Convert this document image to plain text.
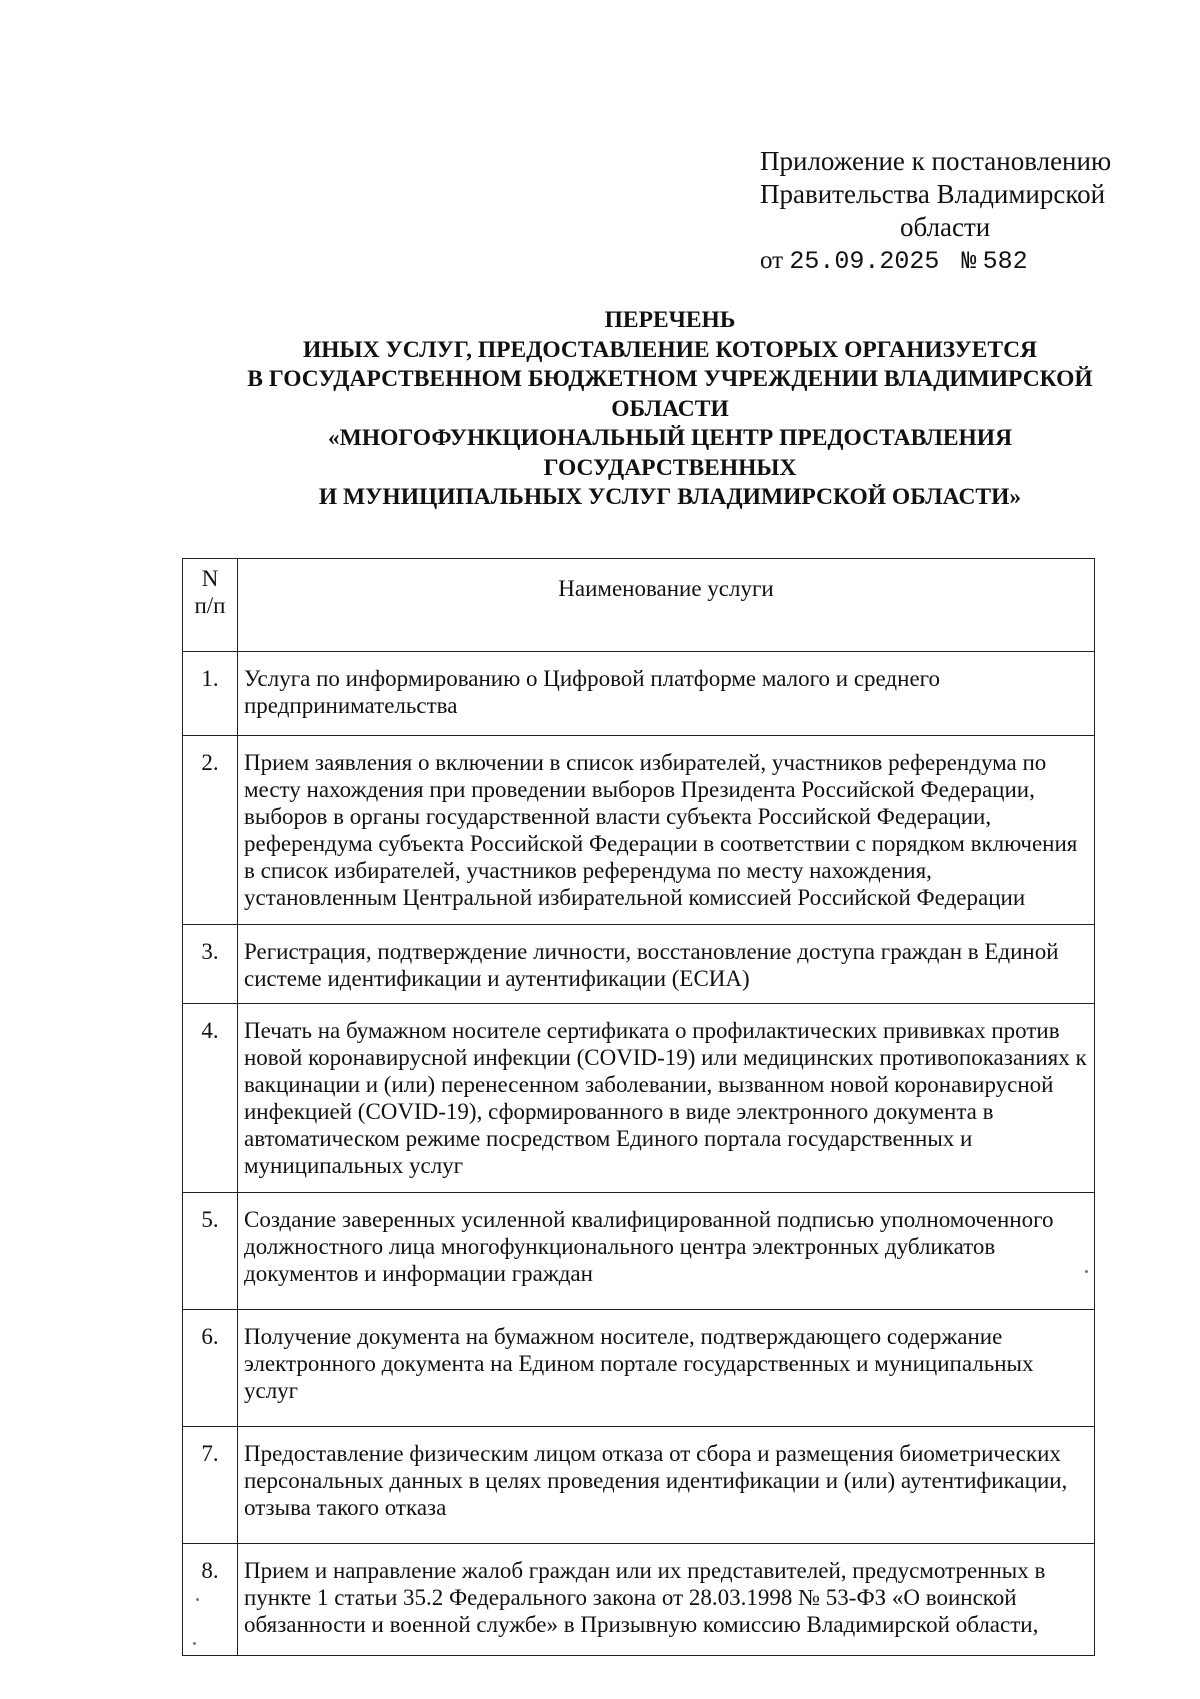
Приложение к постановлению
Правительства Владимирской
области
от 25.09.2025 № 582
ПЕРЕЧЕНЬ
ИНЫХ УСЛУГ, ПРЕДОСТАВЛЕНИЕ КОТОРЫХ ОРГАНИЗУЕТСЯ
В ГОСУДАРСТВЕННОМ БЮДЖЕТНОМ УЧРЕЖДЕНИИ ВЛАДИМИРСКОЙ
ОБЛАСТИ
«МНОГОФУНКЦИОНАЛЬНЫЙ ЦЕНТР ПРЕДОСТАВЛЕНИЯ
ГОСУДАРСТВЕННЫХ
И МУНИЦИПАЛЬНЫХ УСЛУГ ВЛАДИМИРСКОЙ ОБЛАСТИ»
N
п/п	Наименование услуги
1.	Услуга по информированию о Цифровой платформе малого и среднего предпринимательства
2.	Прием заявления о включении в список избирателей, участников референдума по месту нахождения при проведении выборов Президента Российской Федерации, выборов в органы государственной власти субъекта Российской Федерации, референдума субъекта Российской Федерации в соответствии с порядком включения в список избирателей, участников референдума по месту нахождения, установленным Центральной избирательной комиссией Российской Федерации
3.	Регистрация, подтверждение личности, восстановление доступа граждан в Единой системе идентификации и аутентификации (ЕСИА)
4.	Печать на бумажном носителе сертификата о профилактических прививках против новой коронавирусной инфекции (COVID-19) или медицинских противопоказаниях к вакцинации и (или) перенесенном заболевании, вызванном новой коронавирусной инфекцией (COVID-19), сформированного в виде электронного документа в автоматическом режиме посредством Единого портала государственных и муниципальных услуг
5.	Создание заверенных усиленной квалифицированной подписью уполномоченного должностного лица многофункционального центра электронных дубликатов документов и информации граждан
6.	Получение документа на бумажном носителе, подтверждающего содержание электронного документа на Едином портале государственных и муниципальных услуг
7.	Предоставление физическим лицом отказа от сбора и размещения биометрических персональных данных в целях проведения идентификации и (или) аутентификации, отзыва такого отказа
8.	Прием и направление жалоб граждан или их представителей, предусмотренных в пункте 1 статьи 35.2 Федерального закона от 28.03.1998 № 53-ФЗ «О воинской обязанности и военной службе» в Призывную комиссию Владимирской области,
